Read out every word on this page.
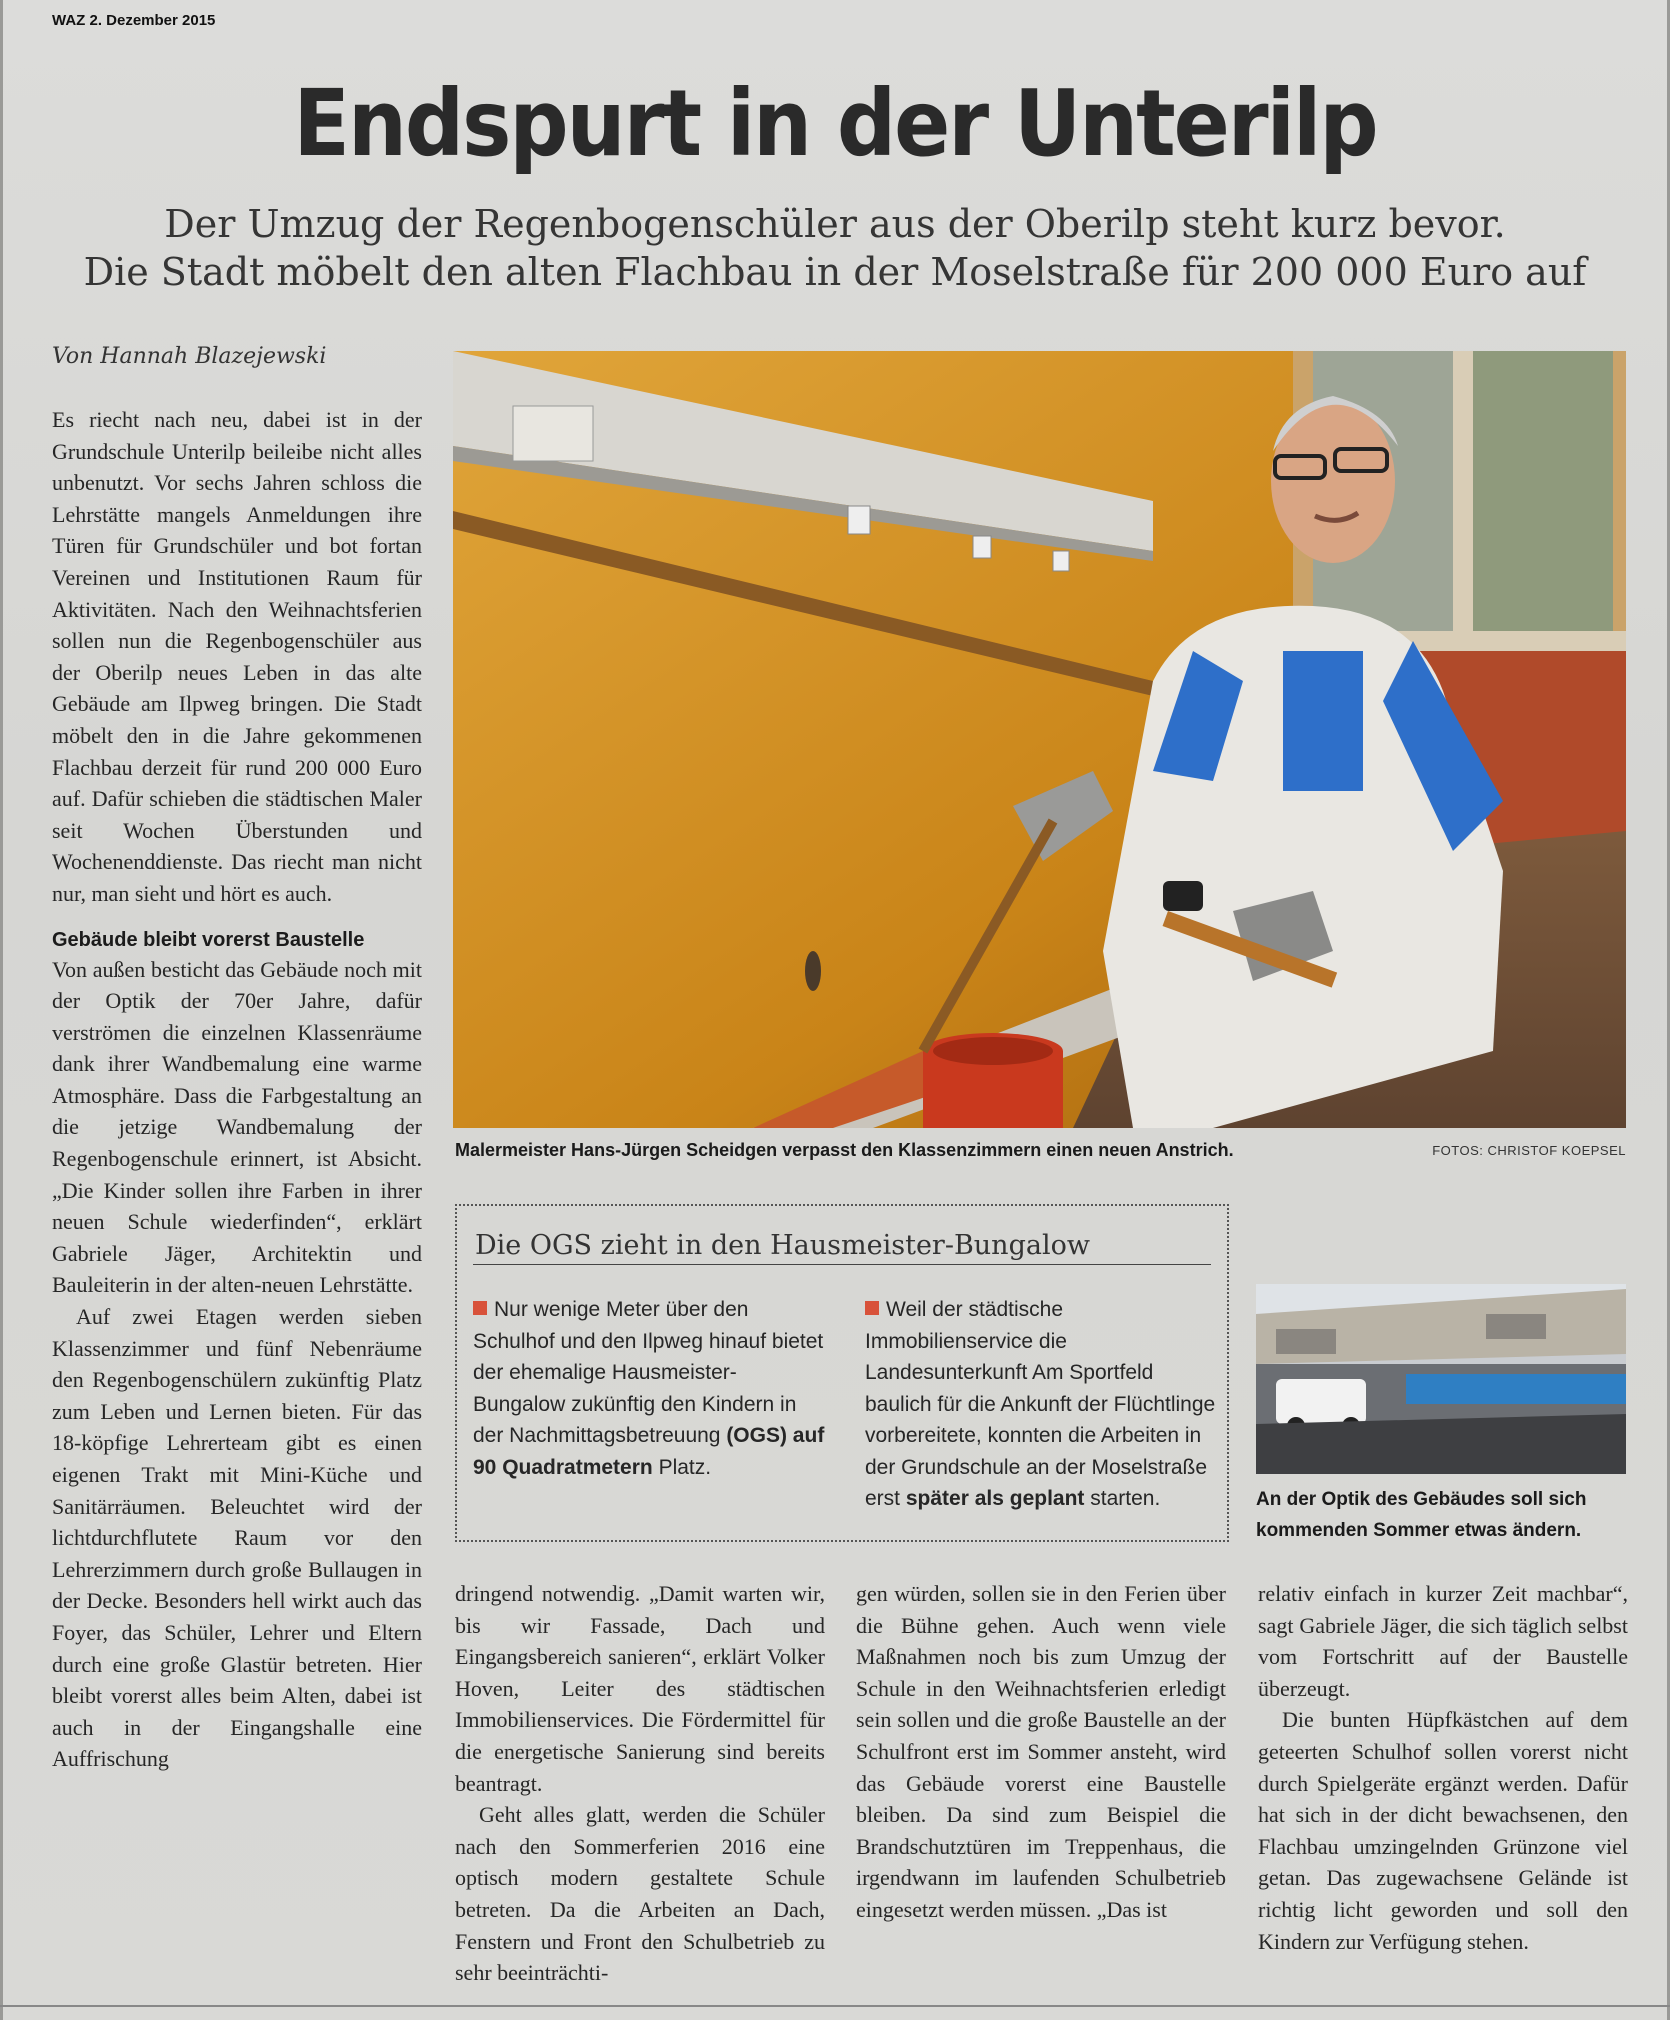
WAZ 2. Dezember 2015
Endspurt in der Unterilp
Der Umzug der Regenbogenschüler aus der Oberilp steht kurz bevor.
Die Stadt möbelt den alten Flachbau in der Moselstraße für 200 000 Euro auf
Von Hannah Blazejewski

Es riecht nach neu, dabei ist in der Grundschule Unterilp beileibe nicht alles unbenutzt. Vor sechs Jahren schloss die Lehrstätte mangels Anmeldungen ihre Türen für Grundschüler und bot fortan Vereinen und Institutionen Raum für Aktivitäten. Nach den Weihnachtsferien sollen nun die Regenbogenschüler aus der Oberilp neues Leben in das alte Gebäude am Ilpweg bringen. Die Stadt möbelt den in die Jahre gekommenen Flachbau derzeit für rund 200 000 Euro auf. Dafür schieben die städtischen Maler seit Wochen Überstunden und Wochenenddienste. Das riecht man nicht nur, man sieht und hört es auch.

Gebäude bleibt vorerst Baustelle

Von außen besticht das Gebäude noch mit der Optik der 70er Jahre, dafür verströmen die einzelnen Klassenräume dank ihrer Wandbemalung eine warme Atmosphäre. Dass die Farbgestaltung an die jetzige Wandbemalung der Regenbogenschule erinnert, ist Absicht. „Die Kinder sollen ihre Farben in ihrer neuen Schule wiederfinden“, erklärt Gabriele Jäger, Architektin und Bauleiterin in der alten-neuen Lehrstätte.

Auf zwei Etagen werden sieben Klassenzimmer und fünf Nebenräume den Regenbogenschülern zukünftig Platz zum Leben und Lernen bieten. Für das 18-köpfige Lehrerteam gibt es einen eigenen Trakt mit Mini-Küche und Sanitärräumen. Beleuchtet wird der lichtdurchflutete Raum vor den Lehrerzimmern durch große Bullaugen in der Decke. Besonders hell wirkt auch das Foyer, das Schüler, Lehrer und Eltern durch eine große Glastür betreten. Hier bleibt vorerst alles beim Alten, dabei ist auch in der Eingangshalle eine Auffrischung

Malermeister Hans-Jürgen Scheidgen verpasst den Klassenzimmern einen neuen Anstrich.	FOTOS: CHRISTOF KOEPSEL
Die OGS zieht in den Hausmeister-Bungalow
Nur wenige Meter über den Schulhof und den Ilpweg hinauf bietet der ehemalige Hausmeister-Bungalow zukünftig den Kindern in der Nachmittagsbetreuung (OGS) auf 90 Quadratmetern Platz.
Weil der städtische Immobilienservice die Landesunterkunft Am Sportfeld baulich für die Ankunft der Flüchtlinge vorbereitete, konnten die Arbeiten in der Grundschule an der Moselstraße erst später als geplant starten.	An der Optik des Gebäudes soll sich kommenden Sommer etwas ändern.

dringend notwendig. „Damit warten wir, bis wir Fassade, Dach und Eingangsbereich sanieren“, erklärt Volker Hoven, Leiter des städtischen Immobilienservices. Die Fördermittel für die energetische Sanierung sind bereits beantragt.

Geht alles glatt, werden die Schüler nach den Sommerferien 2016 eine optisch modern gestaltete Schule betreten. Da die Arbeiten an Dach, Fenstern und Front den Schulbetrieb zu sehr beeinträchti-

gen würden, sollen sie in den Ferien über die Bühne gehen. Auch wenn viele Maßnahmen noch bis zum Umzug der Schule in den Weihnachtsferien erledigt sein sollen und die große Baustelle an der Schulfront erst im Sommer ansteht, wird das Gebäude vorerst eine Baustelle bleiben. Da sind zum Beispiel die Brandschutztüren im Treppenhaus, die irgendwann im laufenden Schulbetrieb eingesetzt werden müssen. „Das ist

relativ einfach in kurzer Zeit machbar“, sagt Gabriele Jäger, die sich täglich selbst vom Fortschritt auf der Baustelle überzeugt.

Die bunten Hüpfkästchen auf dem geteerten Schulhof sollen vorerst nicht durch Spielgeräte ergänzt werden. Dafür hat sich in der dicht bewachsenen, den Flachbau umzingelnden Grünzone viel getan. Das zugewachsene Gelände ist richtig licht geworden und soll den Kindern zur Verfügung stehen.
